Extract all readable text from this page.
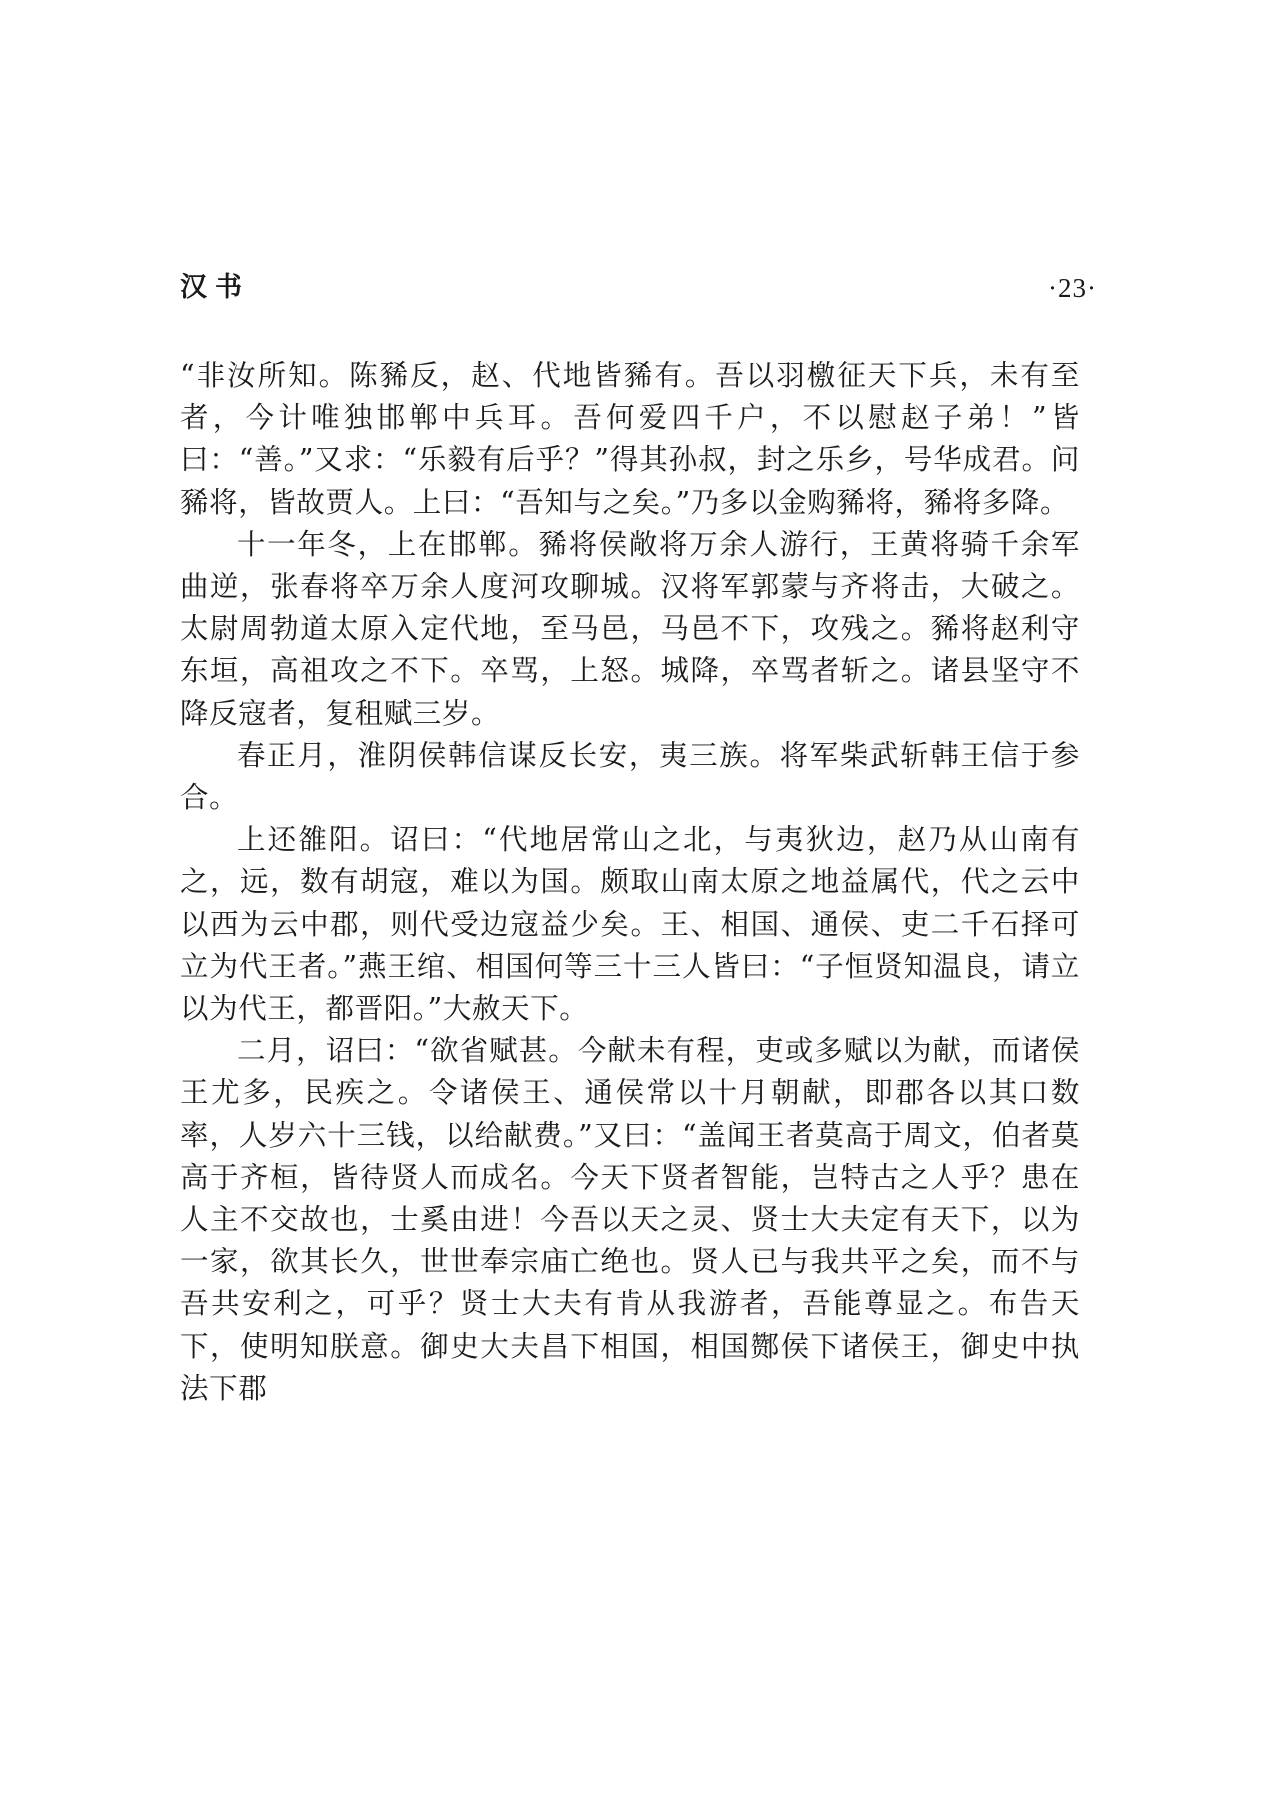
汉书	·23·

“非汝所知。陈豨反，赵、代地皆豨有。吾以羽檄征天下兵，未有至者，今计唯独邯郸中兵耳。吾何爱四千户，不以慰赵子弟！”皆曰：“善。”又求：“乐毅有后乎？”得其孙叔，封之乐乡，号华成君。问豨将，皆故贾人。上曰：“吾知与之矣。”乃多以金购豨将，豨将多降。

十一年冬，上在邯郸。豨将侯敞将万余人游行，王黄将骑千余军曲逆，张春将卒万余人度河攻聊城。汉将军郭蒙与齐将击，大破之。太尉周勃道太原入定代地，至马邑，马邑不下，攻残之。豨将赵利守东垣，高祖攻之不下。卒骂，上怒。城降，卒骂者斩之。诸县坚守不降反寇者，复租赋三岁。

春正月，淮阴侯韩信谋反长安，夷三族。将军柴武斩韩王信于参合。

上还雒阳。诏曰：“代地居常山之北，与夷狄边，赵乃从山南有之，远，数有胡寇，难以为国。颇取山南太原之地益属代，代之云中以西为云中郡，则代受边寇益少矣。王、相国、通侯、吏二千石择可立为代王者。”燕王绾、相国何等三十三人皆曰：“子恒贤知温良，请立以为代王，都晋阳。”大赦天下。

二月，诏曰：“欲省赋甚。今献未有程，吏或多赋以为献，而诸侯王尤多，民疾之。令诸侯王、通侯常以十月朝献，即郡各以其口数率，人岁六十三钱，以给献费。”又曰：“盖闻王者莫高于周文，伯者莫高于齐桓，皆待贤人而成名。今天下贤者智能，岂特古之人乎？患在人主不交故也，士奚由进！今吾以天之灵、贤士大夫定有天下，以为一家，欲其长久，世世奉宗庙亡绝也。贤人已与我共平之矣，而不与吾共安利之，可乎？贤士大夫有肯从我游者，吾能尊显之。布告天下，使明知朕意。御史大夫昌下相国，相国酂侯下诸侯王，御史中执法下郡
